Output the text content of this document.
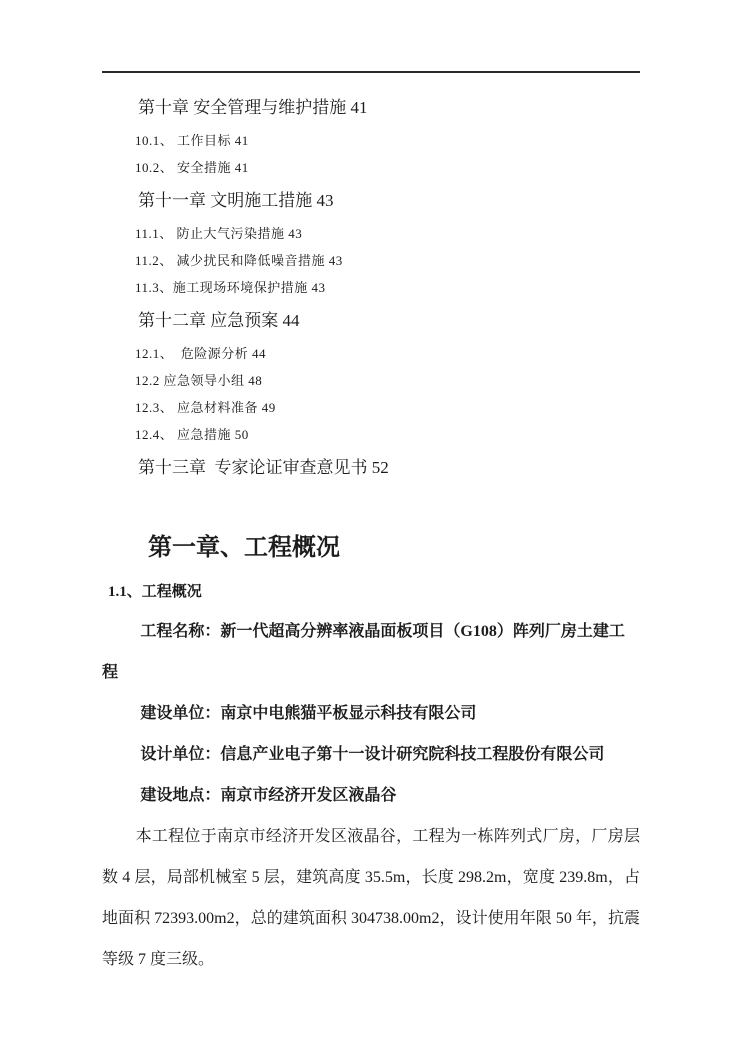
第十章 安全管理与维护措施 41
10.1、 工作目标 41
10.2、 安全措施 41
第十一章 文明施工措施 43
11.1、 防止大气污染措施 43
11.2、 减少扰民和降低噪音措施 43
11.3、施工现场环境保护措施 43
第十二章 应急预案 44
12.1、  危险源分析 44
12.2 应急领导小组 48
12.3、 应急材料准备 49
12.4、 应急措施 50
第十三章  专家论证审查意见书 52
第一章、工程概况
1.1、工程概况

工程名称：新一代超高分辨率液晶面板项目（G108）阵列厂房土建工程

建设单位：南京中电熊猫平板显示科技有限公司

设计单位：信息产业电子第十一设计研究院科技工程股份有限公司

建设地点：南京市经济开发区液晶谷

本工程位于南京市经济开发区液晶谷，工程为一栋阵列式厂房，厂房层数 4 层，局部机械室 5 层，建筑高度 35.5m，长度 298.2m，宽度 239.8m，占地面积 72393.00m2，总的建筑面积 304738.00m2，设计使用年限 50 年，抗震等级 7 度三级。
